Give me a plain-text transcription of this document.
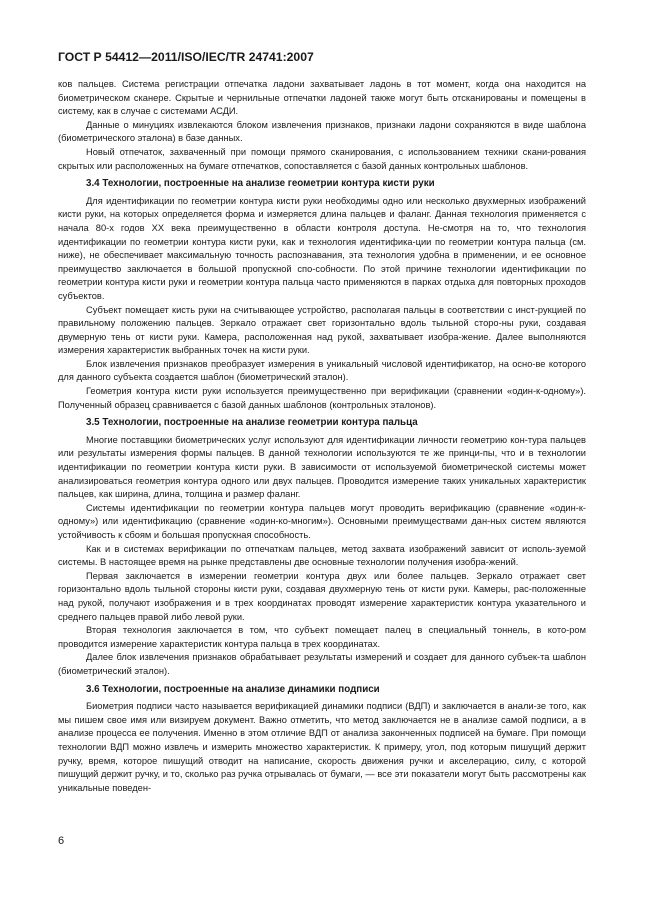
ГОСТ Р 54412—2011/ISO/IEC/TR 24741:2007

ков пальцев. Система регистрации отпечатка ладони захватывает ладонь в тот момент, когда она находится на биометрическом сканере. Скрытые и чернильные отпечатки ладоней также могут быть отсканированы и помещены в систему, как в случае с системами АСДИ.

Данные о минуциях извлекаются блоком извлечения признаков, признаки ладони сохраняются в виде шаблона (биометрического эталона) в базе данных.

Новый отпечаток, захваченный при помощи прямого сканирования, с использованием техники скани-рования скрытых или расположенных на бумаге отпечатков, сопоставляется с базой данных контрольных шаблонов.

3.4 Технологии, построенные на анализе геометрии контура кисти руки

Для идентификации по геометрии контура кисти руки необходимы одно или несколько двухмерных изображений кисти руки, на которых определяется форма и измеряется длина пальцев и фаланг. Данная технология применяется с начала 80-х годов XX века преимущественно в области контроля доступа. Не-смотря на то, что технология идентификации по геометрии контура кисти руки, как и технология идентифика-ции по геометрии контура пальца (см. ниже), не обеспечивает максимальную точность распознавания, эта технология удобна в применении, и ее основное преимущество заключается в большой пропускной спо-собности. По этой причине технологии идентификации по геометрии контура кисти руки и геометрии контура пальца часто применяются в парках отдыха для повторных проходов субъектов.

Субъект помещает кисть руки на считывающее устройство, располагая пальцы в соответствии с инст-рукцией по правильному положению пальцев. Зеркало отражает свет горизонтально вдоль тыльной сторо-ны руки, создавая двумерную тень от кисти руки. Камера, расположенная над рукой, захватывает изобра-жение. Далее выполняются измерения характеристик выбранных точек на кисти руки.

Блок извлечения признаков преобразует измерения в уникальный числовой идентификатор, на осно-ве которого для данного субъекта создается шаблон (биометрический эталон).

Геометрия контура кисти руки используется преимущественно при верификации (сравнении «один-к-одному»). Полученный образец сравнивается с базой данных шаблонов (контрольных эталонов).

3.5 Технологии, построенные на анализе геометрии контура пальца

Многие поставщики биометрических услуг используют для идентификации личности геометрию кон-тура пальцев или результаты измерения формы пальцев. В данной технологии используются те же принци-пы, что и в технологии идентификации по геометрии контура кисти руки. В зависимости от используемой биометрической системы может анализироваться геометрия контура одного или двух пальцев. Проводится измерение таких уникальных характеристик пальцев, как ширина, длина, толщина и размер фаланг.

Системы идентификации по геометрии контура пальцев могут проводить верификацию (сравнение «один-к-одному») или идентификацию (сравнение «один-ко-многим»). Основными преимуществами дан-ных систем являются устойчивость к сбоям и большая пропускная способность.

Как и в системах верификации по отпечаткам пальцев, метод захвата изображений зависит от исполь-зуемой системы. В настоящее время на рынке представлены две основные технологии получения изобра-жений.

Первая заключается в измерении геометрии контура двух или более пальцев. Зеркало отражает свет горизонтально вдоль тыльной стороны кисти руки, создавая двухмерную тень от кисти руки. Камеры, рас-положенные над рукой, получают изображения и в трех координатах проводят измерение характеристик контура указательного и среднего пальцев правой либо левой руки.

Вторая технология заключается в том, что субъект помещает палец в специальный тоннель, в кото-ром проводится измерение характеристик контура пальца в трех координатах.

Далее блок извлечения признаков обрабатывает результаты измерений и создает для данного субъек-та шаблон (биометрический эталон).

3.6 Технологии, построенные на анализе динамики подписи

Биометрия подписи часто называется верификацией динамики подписи (ВДП) и заключается в анали-зе того, как мы пишем свое имя или визируем документ. Важно отметить, что метод заключается не в анализе самой подписи, а в анализе процесса ее получения. Именно в этом отличие ВДП от анализа законченных подписей на бумаге. При помощи технологии ВДП можно извлечь и измерить множество характеристик. К примеру, угол, под которым пишущий держит ручку, время, которое пишущий отводит на написание, скорость движения ручки и акселерацию, силу, с которой пишущий держит ручку, и то, сколько раз ручка отрывалась от бумаги, — все эти показатели могут быть рассмотрены как уникальные поведен-

6
